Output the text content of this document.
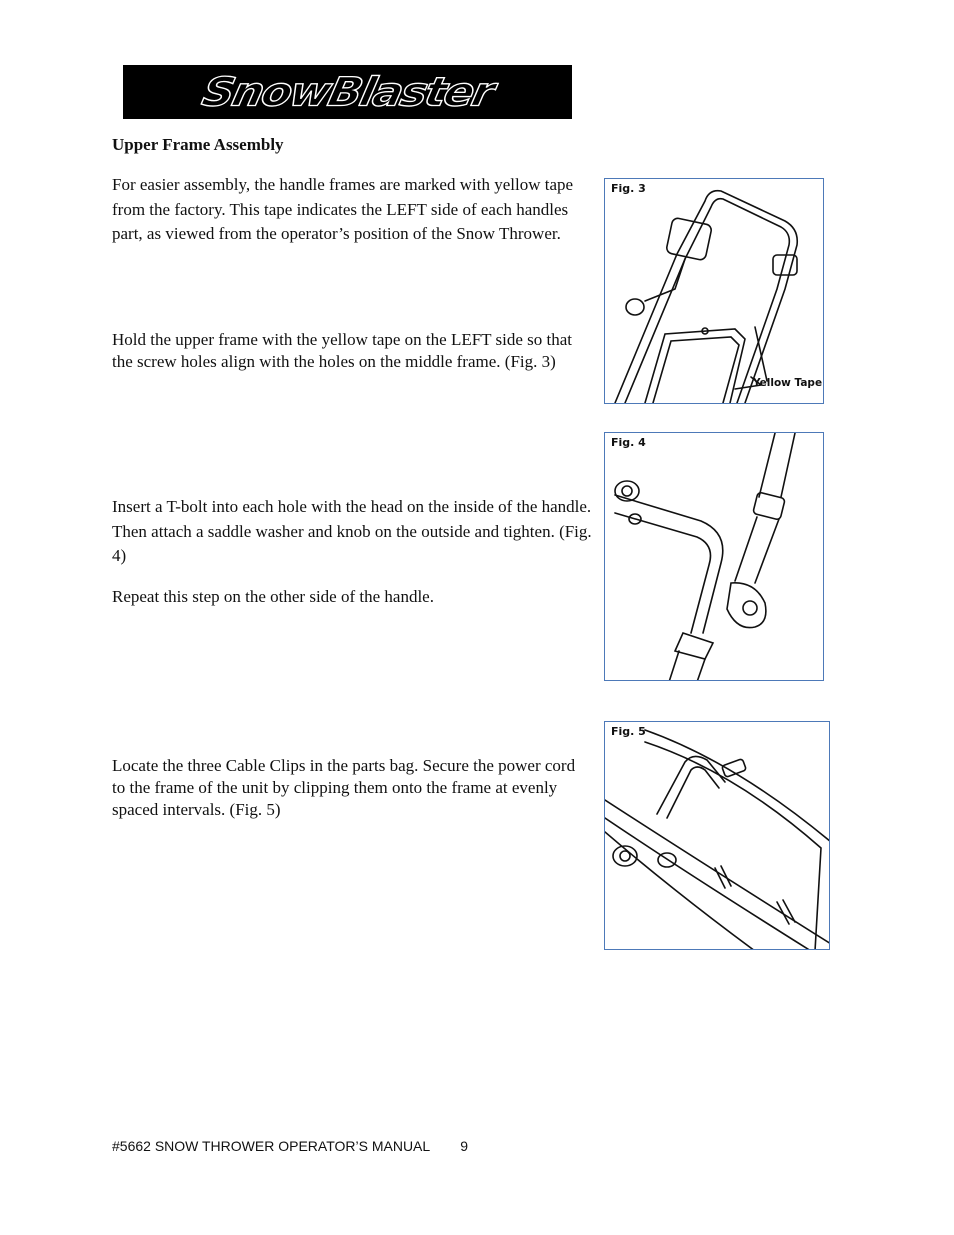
SnowBlaster
Upper Frame Assembly

For easier assembly, the handle frames are marked with yellow tape from the factory. This tape indicates the LEFT side of each handles part, as viewed from the operator’s position of the Snow Thrower.

Hold the upper frame with the yellow tape on the LEFT side so that the screw holes align with the holes on the middle frame. (Fig. 3)

Insert a T-bolt into each hole with the head on the inside of the handle. Then attach a saddle washer and knob on the outside and tighten. (Fig. 4)

Repeat this step on the other side of the handle.

Locate the three Cable Clips in the parts bag. Secure the power cord to the frame of the unit by clipping them onto the frame at evenly spaced intervals. (Fig. 5)

Fig. 3
Yellow Tape
Fig. 4
Fig. 5

#5662 SNOW THROWER OPERATOR’S MANUAL 9
